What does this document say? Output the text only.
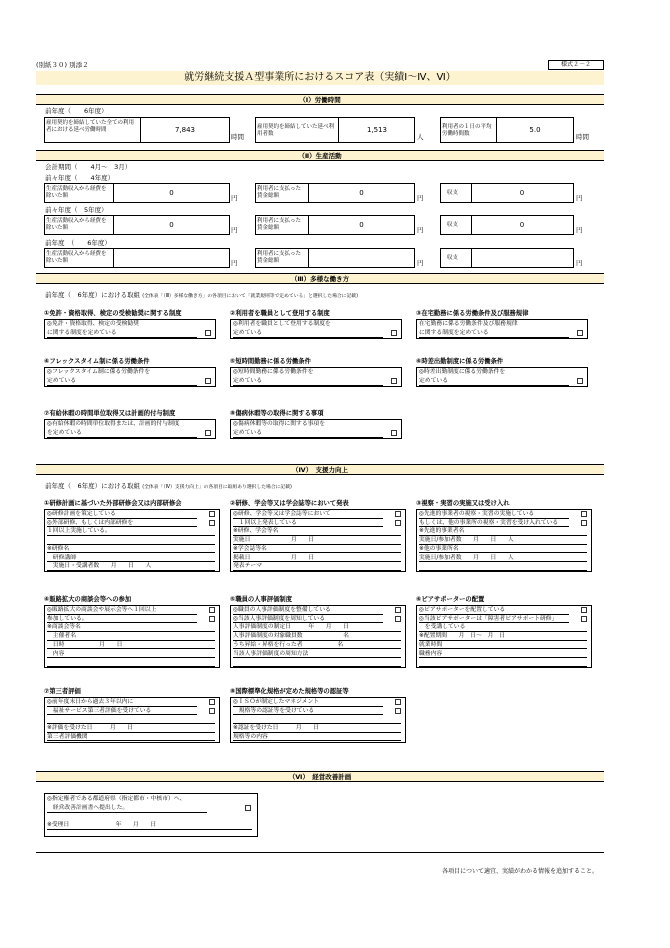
(別紙３０) 別添２	様式２－２
就労継続支援Ａ型事業所におけるスコア表（実績Ⅰ～Ⅳ、Ⅵ）
（Ⅰ）労働時間
前年度（　　6年度）
雇用契約を締結していた全ての利用者における延べ労働時間	7,843
時間
雇用契約を締結していた延べ利用者数	1,513
人
利用者の１日の平均労働時間数	5.0
時間
（Ⅱ）生産活動
会計期間（　　4月～　3月）
前々年度（　　4年度）
生産活動収入から経費を除いた額	0
円
利用者に支払った賃金総額	0
円
収支	0
円
前々年度（　5年度）
生産活動収入から経費を除いた額	0
円
利用者に支払った賃金総額	0
円
収支	0
円
前年度　（　　6年度）
生産活動収入から経費を除いた額	円
利用者に支払った賃金総額	円
収支
円
（Ⅲ）多様な働き方
前年度（　6年度）における取組 (全体表「（Ⅲ）多様な働き方」の各項目において「就業規則等で定めている」と選択した場合に記載)
①免許・資格取得、検定の受検勧奨に関する制度
◎免許・資格取得、検定の受検勧奨
に関する制度を定めている
②利用者を職員として登用する制度
◎利用者を職員として登用する制度を
定めている
③在宅勤務に係る労働条件及び服務規律
在宅勤務に係る労働条件及び服務規律
に関する制度を定めている
④フレックスタイム制に係る労働条件
◎フレックスタイム制に係る労働条件を
定めている
⑤短時間勤務に係る労働条件
◎短時間勤務に係る労働条件を
定めている
⑥時差出勤制度に係る労働条件
◎時差出勤制度に係る労働条件を
定めている
⑦有給休暇の時間単位取得又は計画的付与制度
◎有給休暇の時間単位取得または、計画的付与制度
を定めている
⑧傷病休暇等の取得に関する事項
◎傷病休暇等の取得に関する事項を
定めている
（Ⅳ）　支援力向上
前年度（　6年度）における取組 (全体表「（Ⅳ）支援力向上」の各項目に取組あり選択した場合に記載)
①研修計画に基づいた外部研修会又は内部研修会
◎研修計画を策定している
◎外部研修、もしくは内部研修を
１回以上実施している。
※研修名
　研修講師
　実施日・受講者数　　月　　日　　人
②研修、学会等又は学会誌等において発表
◎研修、学会等又は学会誌等において
　１回以上発表している
※研修、学会等名
実施日　　　　　　　月　　日
※学会誌等名
掲載日　　　　　　　月　　日
発表テーマ
③視察・実習の実施又は受け入れ
◎先進的事業者の視察・実習の実施している
もしくは、他の事業所の視察・実習を受け入れている
※先進的事業者名
実施日/参加者数　　月　　日　　人
※他の事業所名
実施日/参加者数　　月　　日　　人
④販路拡大の商談会等への参加
◎販路拡大の商談会や展示会等へ１回以上
参加している。
※商談会等名
　主催者名
　日時　　　　　　月　　日
　内容
⑤職員の人事評価制度
◎職員の人事評価制度を整備している
◎当該人事評価制度を周知している
人事評価制度の制定日　　　年　　月　　日
人事評価制度の対象職員数　　　　　　　名
うち昇給・昇格を行った者　　　　　　名
当該人事評価制度の周知方法
⑥ピアサポーターの配置
◎ピアサポーターを配置している
◎当該ピアサポーターは「障害者ピアサポート研修」
　を受講している
※配置期間　　月　日～　月　日
就業時間
職務内容
⑦第三者評価
◎前年度末日から過去３年以内に
　福祉サービス第三者評価を受けている
※評価を受けた日　　　月　　日
第三者評価機関
⑧国際標準化規格が定めた規格等の認証等
◎ＩＳＯが制定したマネジメント
　規格等の認証等を受けている
※認証を受けた日　　　月　　日
規格等の内容
（Ⅵ）　経営改善計画
◎指定権者である都道府県（指定都市・中核市）へ、
　経営改善計画書へ提出した。
※受理日　　　　　　　　年　　月　　日
各項目について適宜、実績がわかる情報を追加すること。
